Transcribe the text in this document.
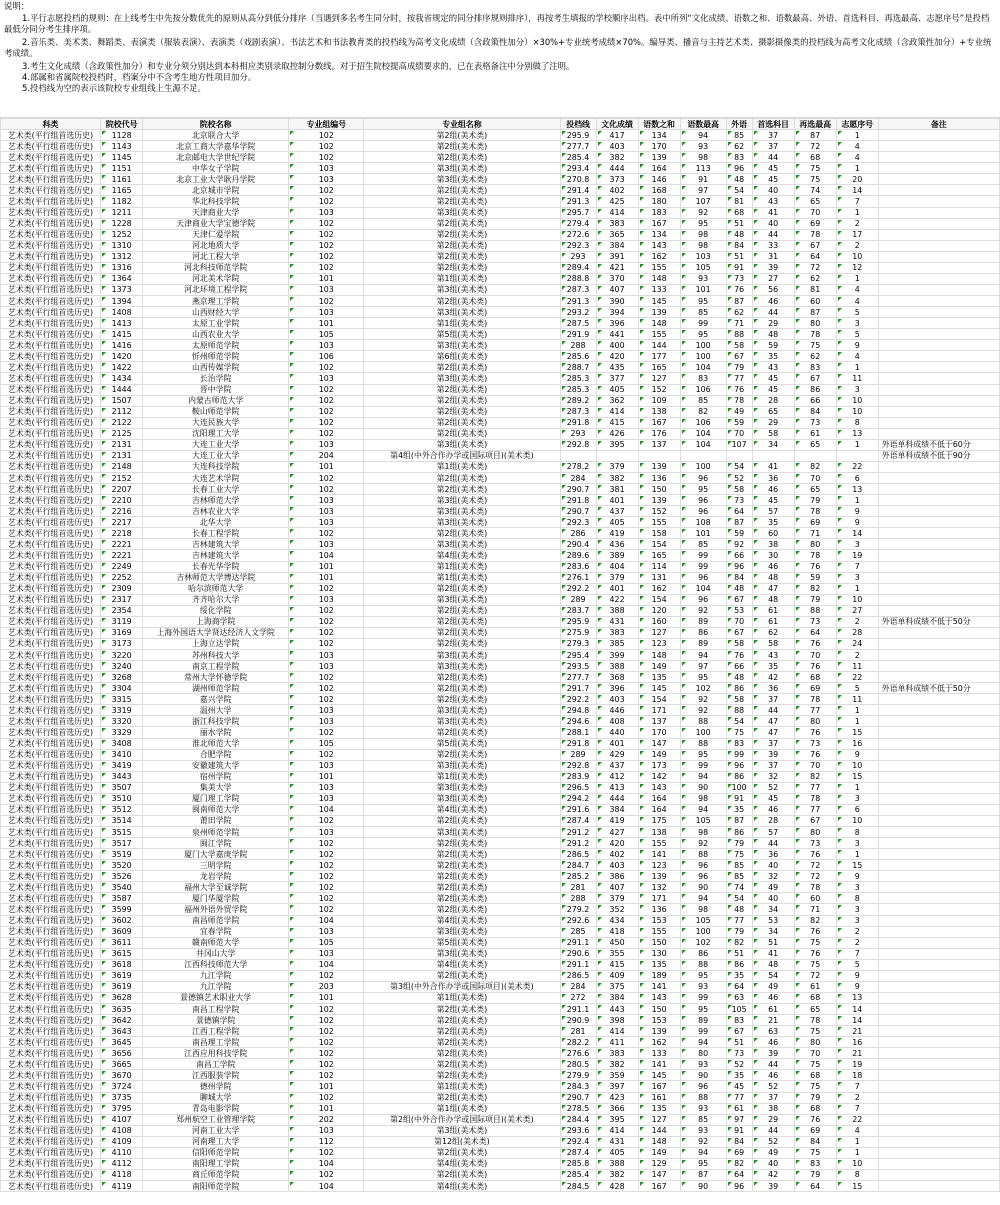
说明：
1.平行志愿投档的规则：在上线考生中先按分数优先的原则从高分到低分排序（当遇到多名考生同分时，按我省规定的同分排序规则排序），再按考生填报的学校顺序出档。表中所列“文化成绩、语数之和、语数最高、外语、首选科目、再选最高、志愿序号”是投档最低分同分考生排序项。
2.音乐类、美术类、舞蹈类、表演类（服装表演）、表演类（戏剧表演）、书法艺术和书法教育类的投档线为高考文化成绩（含政策性加分）×30%+专业统考成绩×70%。编导类、播音与主持艺术类、摄影摄像类的投档线为高考文化成绩（含政策性加分）+专业统考成绩。
3.考生文化成绩（含政策性加分）和专业分须分别达到本科相应类别录取控制分数线。对于招生院校提高成绩要求的，已在表格备注中分别做了注明。
4.部属和省属院校投档时，档案分中不含考生地方性项目加分。
5.投档线为空的表示该院校专业组线上生源不足。
科类	院校代号	院校名称	专业组编号	专业组名称	投档线	文化成绩	语数之和	语数最高	外语	首选科目	再选最高	志愿序号	备注
艺术类(平行组首选历史)	1128	北京联合大学	102	第2组(美术类)	295.9	417	134	94	85	37	87	1	
艺术类(平行组首选历史)	1143	北京工商大学嘉华学院	102	第2组(美术类)	277.7	403	170	93	62	37	72	4	
艺术类(平行组首选历史)	1145	北京邮电大学世纪学院	102	第2组(美术类)	285.4	382	139	98	83	44	68	4	
艺术类(平行组首选历史)	1151	中华女子学院	103	第3组(美术类)	293.4	444	164	113	96	45	75	1	
艺术类(平行组首选历史)	1161	北京工业大学耿丹学院	103	第3组(美术类)	270.8	373	146	91	48	45	75	20	
艺术类(平行组首选历史)	1165	北京城市学院	102	第2组(美术类)	291.4	402	168	97	54	40	74	14	
艺术类(平行组首选历史)	1182	华北科技学院	102	第2组(美术类)	291.3	425	180	107	81	43	65	7	
艺术类(平行组首选历史)	1211	天津商业大学	103	第3组(美术类)	295.7	414	183	92	68	41	70	1	
艺术类(平行组首选历史)	1228	天津商业大学宝德学院	102	第2组(美术类)	279.4	383	167	95	51	40	69	2	
艺术类(平行组首选历史)	1252	天津仁爱学院	102	第2组(美术类)	272.6	365	134	98	48	44	78	17	
艺术类(平行组首选历史)	1310	河北地质大学	102	第2组(美术类)	292.3	384	143	98	84	33	67	2	
艺术类(平行组首选历史)	1312	河北工程大学	102	第2组(美术类)	293	391	162	103	51	31	64	10	
艺术类(平行组首选历史)	1316	河北科技师范学院	102	第2组(美术类)	289.4	421	155	105	91	39	72	12	
艺术类(平行组首选历史)	1364	河北美术学院	101	第1组(美术类)	288.8	370	148	93	73	27	62	1	
艺术类(平行组首选历史)	1373	河北环境工程学院	103	第3组(美术类)	287.3	407	133	101	76	56	81	4	
艺术类(平行组首选历史)	1394	燕京理工学院	102	第2组(美术类)	291.3	390	145	95	87	46	60	4	
艺术类(平行组首选历史)	1408	山西财经大学	103	第3组(美术类)	293.2	394	139	85	62	44	87	5	
艺术类(平行组首选历史)	1413	太原工业学院	101	第1组(美术类)	287.5	396	148	99	71	29	80	3	
艺术类(平行组首选历史)	1415	山西农业大学	105	第5组(美术类)	291.9	441	155	95	88	48	78	5	
艺术类(平行组首选历史)	1416	太原师范学院	103	第3组(美术类)	288	400	144	100	58	59	75	9	
艺术类(平行组首选历史)	1420	忻州师范学院	106	第6组(美术类)	285.6	420	177	100	67	35	62	4	
艺术类(平行组首选历史)	1422	山西传媒学院	102	第2组(美术类)	288.7	435	165	104	79	43	83	1	
艺术类(平行组首选历史)	1434	长治学院	103	第3组(美术类)	285.3	377	127	83	77	45	67	11	
艺术类(平行组首选历史)	1444	晋中学院	102	第2组(美术类)	285.3	405	152	106	76	45	86	3	
艺术类(平行组首选历史)	1507	内蒙古师范大学	102	第2组(美术类)	289.2	362	109	85	78	28	66	10	
艺术类(平行组首选历史)	2112	鞍山师范学院	102	第2组(美术类)	287.3	414	138	82	49	65	84	10	
艺术类(平行组首选历史)	2122	大连民族大学	102	第2组(美术类)	291.8	415	167	106	59	29	73	8	
艺术类(平行组首选历史)	2125	沈阳理工大学	102	第2组(美术类)	293	426	176	104	70	58	61	13	
艺术类(平行组首选历史)	2131	大连工业大学	103	第3组(美术类)	292.8	395	137	104	107	34	65	1	外语单科成绩不低于60分
艺术类(平行组首选历史)	2131	大连工业大学	204	第4组(中外合作办学或国际项目)(美术类)									外语单科成绩不低于90分
艺术类(平行组首选历史)	2148	大连科技学院	101	第1组(美术类)	278.2	379	139	100	54	41	82	22	
艺术类(平行组首选历史)	2152	大连艺术学院	102	第2组(美术类)	284	382	136	96	52	36	70	6	
艺术类(平行组首选历史)	2207	长春工业大学	102	第2组(美术类)	290.7	381	150	95	58	46	65	13	
艺术类(平行组首选历史)	2210	吉林师范大学	103	第3组(美术类)	291.8	401	139	96	73	45	79	1	
艺术类(平行组首选历史)	2216	吉林农业大学	103	第3组(美术类)	290.7	437	152	96	64	57	78	9	
艺术类(平行组首选历史)	2217	北华大学	103	第3组(美术类)	292.3	405	155	108	87	35	69	9	
艺术类(平行组首选历史)	2218	长春工程学院	102	第2组(美术类)	286	419	158	101	59	60	71	14	
艺术类(平行组首选历史)	2221	吉林建筑大学	103	第3组(美术类)	290.4	436	154	85	92	38	80	3	
艺术类(平行组首选历史)	2221	吉林建筑大学	104	第4组(美术类)	289.6	389	165	99	66	30	78	19	
艺术类(平行组首选历史)	2249	长春光华学院	101	第1组(美术类)	283.6	404	114	99	96	46	76	7	
艺术类(平行组首选历史)	2252	吉林师范大学博达学院	101	第1组(美术类)	276.1	379	131	96	84	48	59	3	
艺术类(平行组首选历史)	2309	哈尔滨师范大学	102	第2组(美术类)	292.2	401	162	104	48	47	82	1	
艺术类(平行组首选历史)	2317	齐齐哈尔大学	103	第3组(美术类)	289	422	154	96	67	48	79	10	
艺术类(平行组首选历史)	2354	绥化学院	102	第2组(美术类)	283.7	388	120	92	53	61	88	27	
艺术类(平行组首选历史)	3119	上海商学院	102	第2组(美术类)	295.9	431	160	89	70	61	73	2	外语单科成绩不低于50分
艺术类(平行组首选历史)	3169	上海外国语大学贤达经济人文学院	102	第2组(美术类)	275.9	383	127	86	67	62	64	28	
艺术类(平行组首选历史)	3173	上海立达学院	102	第2组(美术类)	279.3	385	123	89	58	58	76	24	
艺术类(平行组首选历史)	3220	苏州科技大学	103	第3组(美术类)	295.4	399	148	94	76	43	70	2	
艺术类(平行组首选历史)	3240	南京工程学院	103	第3组(美术类)	293.5	388	149	97	66	35	76	11	
艺术类(平行组首选历史)	3268	常州大学怀德学院	102	第2组(美术类)	277.7	368	135	95	48	42	68	22	
艺术类(平行组首选历史)	3304	湖州师范学院	102	第2组(美术类)	291.7	396	145	102	86	36	69	5	外语单科成绩不低于50分
艺术类(平行组首选历史)	3315	嘉兴学院	102	第2组(美术类)	292.2	403	154	92	58	37	78	11	
艺术类(平行组首选历史)	3319	温州大学	103	第3组(美术类)	294.8	446	171	92	88	44	77	1	
艺术类(平行组首选历史)	3320	浙江科技学院	103	第3组(美术类)	294.6	408	137	88	54	47	80	1	
艺术类(平行组首选历史)	3329	丽水学院	102	第2组(美术类)	288.1	440	170	100	75	47	76	15	
艺术类(平行组首选历史)	3408	淮北师范大学	105	第5组(美术类)	291.8	401	147	88	83	37	73	16	
艺术类(平行组首选历史)	3410	合肥学院	102	第2组(美术类)	289	429	149	95	99	39	76	9	
艺术类(平行组首选历史)	3419	安徽建筑大学	103	第3组(美术类)	292.8	437	173	99	96	37	70	10	
艺术类(平行组首选历史)	3443	宿州学院	101	第1组(美术类)	283.9	412	142	94	86	32	82	15	
艺术类(平行组首选历史)	3507	集美大学	103	第3组(美术类)	296.5	413	143	90	100	52	77	1	
艺术类(平行组首选历史)	3510	厦门理工学院	103	第3组(美术类)	294.2	444	164	98	91	45	78	3	
艺术类(平行组首选历史)	3512	闽南师范大学	104	第4组(美术类)	291.6	384	164	94	35	46	77	6	
艺术类(平行组首选历史)	3514	莆田学院	102	第2组(美术类)	287.4	419	175	105	87	28	67	10	
艺术类(平行组首选历史)	3515	泉州师范学院	103	第3组(美术类)	291.2	427	138	98	86	57	80	8	
艺术类(平行组首选历史)	3517	闽江学院	102	第2组(美术类)	291.2	420	155	92	79	44	73	3	
艺术类(平行组首选历史)	3519	厦门大学嘉庚学院	102	第2组(美术类)	286.5	402	141	88	75	36	76	1	
艺术类(平行组首选历史)	3520	三明学院	102	第2组(美术类)	284.7	403	123	96	85	40	72	15	
艺术类(平行组首选历史)	3526	龙岩学院	102	第2组(美术类)	285.2	386	139	96	85	32	72	9	
艺术类(平行组首选历史)	3540	福州大学至诚学院	102	第2组(美术类)	281	407	132	90	74	49	78	3	
艺术类(平行组首选历史)	3587	厦门华厦学院	102	第2组(美术类)	288	379	171	94	54	40	60	8	
艺术类(平行组首选历史)	3599	福州外语外贸学院	102	第2组(美术类)	279.2	352	136	98	48	34	71	3	
艺术类(平行组首选历史)	3602	南昌师范学院	104	第4组(美术类)	292.6	434	153	105	77	53	82	3	
艺术类(平行组首选历史)	3609	宜春学院	103	第3组(美术类)	285	418	155	100	79	34	76	2	
艺术类(平行组首选历史)	3611	赣南师范大学	105	第5组(美术类)	291.1	450	150	102	82	51	75	2	
艺术类(平行组首选历史)	3615	井冈山大学	103	第3组(美术类)	290.6	355	130	86	51	41	76	7	
艺术类(平行组首选历史)	3618	江西科技师范大学	104	第4组(美术类)	291.1	415	135	88	86	48	75	5	
艺术类(平行组首选历史)	3619	九江学院	102	第2组(美术类)	286.5	409	189	95	35	54	72	9	
艺术类(平行组首选历史)	3619	九江学院	203	第3组(中外合作办学或国际项目)(美术类)	284	375	141	93	64	49	61	9	
艺术类(平行组首选历史)	3628	景德镇艺术职业大学	101	第1组(美术类)	272	384	143	99	63	46	68	13	
艺术类(平行组首选历史)	3635	南昌工程学院	102	第2组(美术类)	291.1	443	150	95	105	61	65	14	
艺术类(平行组首选历史)	3642	景德镇学院	102	第2组(美术类)	290.9	398	153	89	83	21	78	14	
艺术类(平行组首选历史)	3643	江西工程学院	102	第2组(美术类)	281	414	139	99	67	63	75	21	
艺术类(平行组首选历史)	3645	南昌理工学院	102	第2组(美术类)	282.2	411	162	94	51	46	80	16	
艺术类(平行组首选历史)	3656	江西应用科技学院	102	第2组(美术类)	276.6	383	133	80	73	39	70	21	
艺术类(平行组首选历史)	3665	南昌工学院	102	第2组(美术类)	280.5	382	141	93	52	44	75	19	
艺术类(平行组首选历史)	3670	江西服装学院	102	第2组(美术类)	279.9	359	145	90	35	46	68	18	
艺术类(平行组首选历史)	3724	德州学院	101	第1组(美术类)	284.3	397	167	96	45	52	75	7	
艺术类(平行组首选历史)	3735	聊城大学	102	第2组(美术类)	290.7	423	161	88	77	37	79	2	
艺术类(平行组首选历史)	3795	青岛电影学院	101	第1组(美术类)	278.5	366	135	93	61	38	68	7	
艺术类(平行组首选历史)	4107	郑州航空工业管理学院	202	第2组(中外合作办学或国际项目)(美术类)	284.4	395	127	85	97	29	76	22	
艺术类(平行组首选历史)	4108	河南工业大学	103	第3组(美术类)	293.6	414	144	93	91	44	69	4	
艺术类(平行组首选历史)	4109	河南理工大学	112	第12组(美术类)	292.4	431	148	92	84	52	84	1	
艺术类(平行组首选历史)	4110	信阳师范学院	102	第2组(美术类)	287.4	405	149	94	69	49	75	1	
艺术类(平行组首选历史)	4112	南阳理工学院	104	第4组(美术类)	285.8	388	129	95	82	40	83	10	
艺术类(平行组首选历史)	4118	商丘师范学院	102	第2组(美术类)	285.4	382	147	87	64	42	79	8	
艺术类(平行组首选历史)	4119	南阳师范学院	104	第4组(美术类)	284.5	428	167	90	96	39	64	15	
